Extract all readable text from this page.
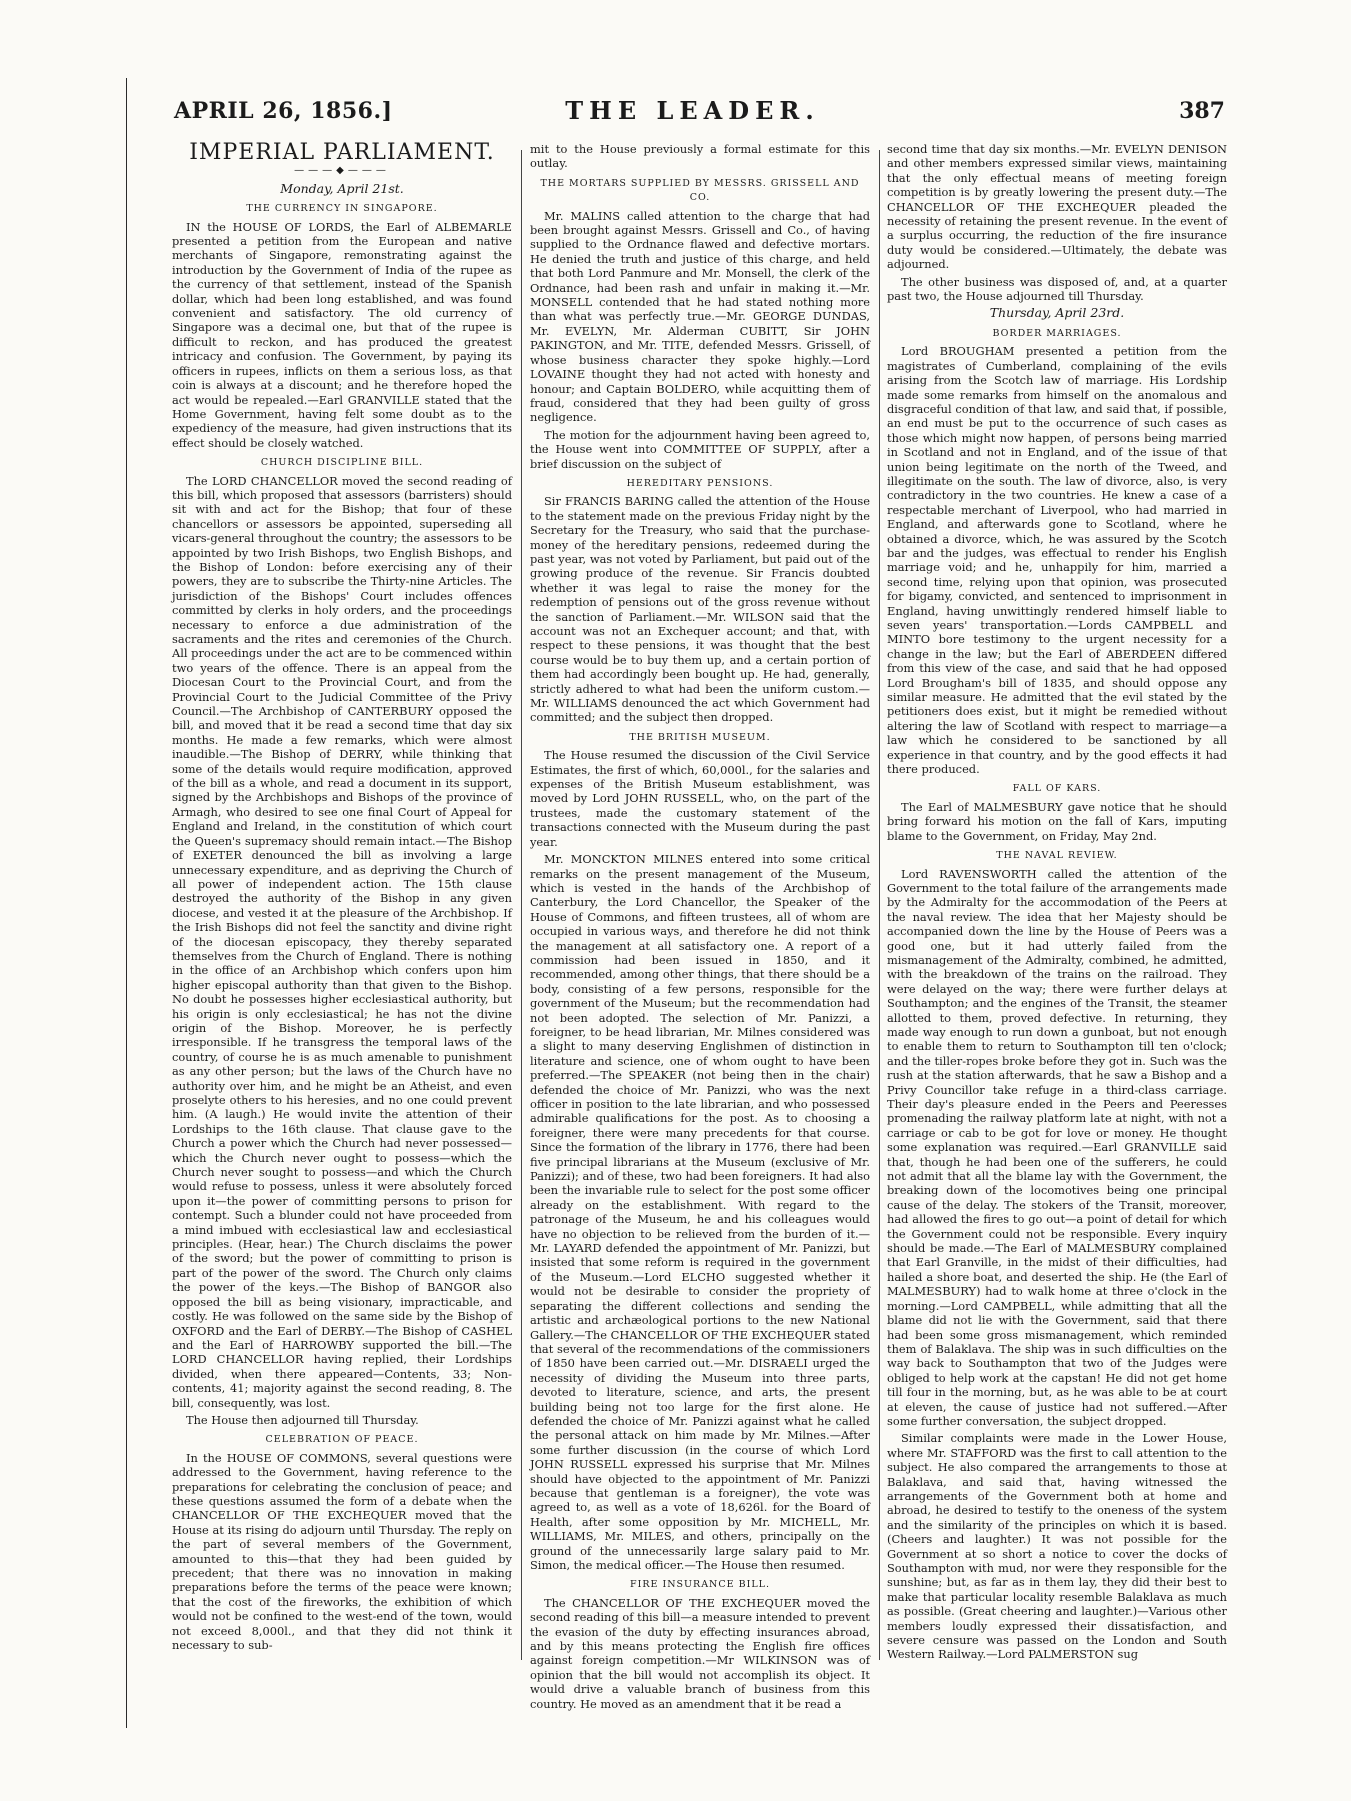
APRIL 26, 1856.]	THE LEADER.	387
IMPERIAL PARLIAMENT.
———◆———
Monday, April 21st.
THE CURRENCY IN SINGAPORE.

IN the HOUSE OF LORDS, the Earl of ALBEMARLE presented a petition from the European and native merchants of Singapore, remonstrating against the introduction by the Government of India of the rupee as the currency of that settlement, instead of the Spanish dollar, which had been long established, and was found convenient and satisfactory. The old currency of Singapore was a decimal one, but that of the rupee is difficult to reckon, and has produced the greatest intricacy and confusion. The Government, by paying its officers in rupees, inflicts on them a serious loss, as that coin is always at a discount; and he therefore hoped the act would be repealed.—Earl GRANVILLE stated that the Home Government, having felt some doubt as to the expediency of the measure, had given instructions that its effect should be closely watched.

CHURCH DISCIPLINE BILL.

The LORD CHANCELLOR moved the second reading of this bill, which proposed that assessors (barristers) should sit with and act for the Bishop; that four of these chancellors or assessors be appointed, superseding all vicars-general throughout the country; the assessors to be appointed by two Irish Bishops, two English Bishops, and the Bishop of London: before exercising any of their powers, they are to subscribe the Thirty-nine Articles. The jurisdiction of the Bishops' Court includes offences committed by clerks in holy orders, and the proceedings necessary to enforce a due administration of the sacraments and the rites and ceremonies of the Church. All proceedings under the act are to be commenced within two years of the offence. There is an appeal from the Diocesan Court to the Provincial Court, and from the Provincial Court to the Judicial Committee of the Privy Council.—The Archbishop of CANTERBURY opposed the bill, and moved that it be read a second time that day six months. He made a few remarks, which were almost inaudible.—The Bishop of DERRY, while thinking that some of the details would require modification, approved of the bill as a whole, and read a document in its support, signed by the Archbishops and Bishops of the province of Armagh, who desired to see one final Court of Appeal for England and Ireland, in the constitution of which court the Queen's supremacy should remain intact.—The Bishop of EXETER denounced the bill as involving a large unnecessary expenditure, and as depriving the Church of all power of independent action. The 15th clause destroyed the authority of the Bishop in any given diocese, and vested it at the pleasure of the Archbishop. If the Irish Bishops did not feel the sanctity and divine right of the diocesan episcopacy, they thereby separated themselves from the Church of England. There is nothing in the office of an Archbishop which confers upon him higher episcopal authority than that given to the Bishop. No doubt he possesses higher ecclesiastical authority, but his origin is only ecclesiastical; he has not the divine origin of the Bishop. Moreover, he is perfectly irresponsible. If he transgress the temporal laws of the country, of course he is as much amenable to punishment as any other person; but the laws of the Church have no authority over him, and he might be an Atheist, and even proselyte others to his heresies, and no one could prevent him. (A laugh.) He would invite the attention of their Lordships to the 16th clause. That clause gave to the Church a power which the Church had never possessed—which the Church never ought to possess—which the Church never sought to possess—and which the Church would refuse to possess, unless it were absolutely forced upon it—the power of committing persons to prison for contempt. Such a blunder could not have proceeded from a mind imbued with ecclesiastical law and ecclesiastical principles. (Hear, hear.) The Church disclaims the power of the sword; but the power of committing to prison is part of the power of the sword. The Church only claims the power of the keys.—The Bishop of BANGOR also opposed the bill as being visionary, impracticable, and costly. He was followed on the same side by the Bishop of OXFORD and the Earl of DERBY.—The Bishop of CASHEL and the Earl of HARROWBY supported the bill.—The LORD CHANCELLOR having replied, their Lordships divided, when there appeared—Contents, 33; Non-contents, 41; majority against the second reading, 8. The bill, consequently, was lost.

The House then adjourned till Thursday.

CELEBRATION OF PEACE.

In the HOUSE OF COMMONS, several questions were addressed to the Government, having reference to the preparations for celebrating the conclusion of peace; and these questions assumed the form of a debate when the CHANCELLOR OF THE EXCHEQUER moved that the House at its rising do adjourn until Thursday. The reply on the part of several members of the Government, amounted to this—that they had been guided by precedent; that there was no innovation in making preparations before the terms of the peace were known; that the cost of the fireworks, the exhibition of which would not be confined to the west-end of the town, would not exceed 8,000l., and that they did not think it necessary to sub-

mit to the House previously a formal estimate for this outlay.

THE MORTARS SUPPLIED BY MESSRS. GRISSELL AND CO.

Mr. MALINS called attention to the charge that had been brought against Messrs. Grissell and Co., of having supplied to the Ordnance flawed and defective mortars. He denied the truth and justice of this charge, and held that both Lord Panmure and Mr. Monsell, the clerk of the Ordnance, had been rash and unfair in making it.—Mr. MONSELL contended that he had stated nothing more than what was perfectly true.—Mr. GEORGE DUNDAS, Mr. EVELYN, Mr. Alderman CUBITT, Sir JOHN PAKINGTON, and Mr. TITE, defended Messrs. Grissell, of whose business character they spoke highly.—Lord LOVAINE thought they had not acted with honesty and honour; and Captain BOLDERO, while acquitting them of fraud, considered that they had been guilty of gross negligence.

The motion for the adjournment having been agreed to, the House went into COMMITTEE OF SUPPLY, after a brief discussion on the subject of

HEREDITARY PENSIONS.

Sir FRANCIS BARING called the attention of the House to the statement made on the previous Friday night by the Secretary for the Treasury, who said that the purchase-money of the hereditary pensions, redeemed during the past year, was not voted by Parliament, but paid out of the growing produce of the revenue. Sir Francis doubted whether it was legal to raise the money for the redemption of pensions out of the gross revenue without the sanction of Parliament.—Mr. WILSON said that the account was not an Exchequer account; and that, with respect to these pensions, it was thought that the best course would be to buy them up, and a certain portion of them had accordingly been bought up. He had, generally, strictly adhered to what had been the uniform custom.—Mr. WILLIAMS denounced the act which Government had committed; and the subject then dropped.

THE BRITISH MUSEUM.

The House resumed the discussion of the Civil Service Estimates, the first of which, 60,000l., for the salaries and expenses of the British Museum establishment, was moved by Lord JOHN RUSSELL, who, on the part of the trustees, made the customary statement of the transactions connected with the Museum during the past year.

Mr. MONCKTON MILNES entered into some critical remarks on the present management of the Museum, which is vested in the hands of the Archbishop of Canterbury, the Lord Chancellor, the Speaker of the House of Commons, and fifteen trustees, all of whom are occupied in various ways, and therefore he did not think the management at all satisfactory one. A report of a commission had been issued in 1850, and it recommended, among other things, that there should be a body, consisting of a few persons, responsible for the government of the Museum; but the recommendation had not been adopted. The selection of Mr. Panizzi, a foreigner, to be head librarian, Mr. Milnes considered was a slight to many deserving Englishmen of distinction in literature and science, one of whom ought to have been preferred.—The SPEAKER (not being then in the chair) defended the choice of Mr. Panizzi, who was the next officer in position to the late librarian, and who possessed admirable qualifications for the post. As to choosing a foreigner, there were many precedents for that course. Since the formation of the library in 1776, there had been five principal librarians at the Museum (exclusive of Mr. Panizzi); and of these, two had been foreigners. It had also been the invariable rule to select for the post some officer already on the establishment. With regard to the patronage of the Museum, he and his colleagues would have no objection to be relieved from the burden of it.—Mr. LAYARD defended the appointment of Mr. Panizzi, but insisted that some reform is required in the government of the Museum.—Lord ELCHO suggested whether it would not be desirable to consider the propriety of separating the different collections and sending the artistic and archæological portions to the new National Gallery.—The CHANCELLOR OF THE EXCHEQUER stated that several of the recommendations of the commissioners of 1850 have been carried out.—Mr. DISRAELI urged the necessity of dividing the Museum into three parts, devoted to literature, science, and arts, the present building being not too large for the first alone. He defended the choice of Mr. Panizzi against what he called the personal attack on him made by Mr. Milnes.—After some further discussion (in the course of which Lord JOHN RUSSELL expressed his surprise that Mr. Milnes should have objected to the appointment of Mr. Panizzi because that gentleman is a foreigner), the vote was agreed to, as well as a vote of 18,626l. for the Board of Health, after some opposition by Mr. MICHELL, Mr. WILLIAMS, Mr. MILES, and others, principally on the ground of the unnecessarily large salary paid to Mr. Simon, the medical officer.—The House then resumed.

FIRE INSURANCE BILL.

The CHANCELLOR OF THE EXCHEQUER moved the second reading of this bill—a measure intended to prevent the evasion of the duty by effecting insurances abroad, and by this means protecting the English fire offices against foreign competition.—Mr WILKINSON was of opinion that the bill would not accomplish its object. It would drive a valuable branch of business from this country. He moved as an amendment that it be read a

second time that day six months.—Mr. EVELYN DENISON and other members expressed similar views, maintaining that the only effectual means of meeting foreign competition is by greatly lowering the present duty.—The CHANCELLOR OF THE EXCHEQUER pleaded the necessity of retaining the present revenue. In the event of a surplus occurring, the reduction of the fire insurance duty would be considered.—Ultimately, the debate was adjourned.

The other business was disposed of, and, at a quarter past two, the House adjourned till Thursday.

Thursday, April 23rd.
BORDER MARRIAGES.

Lord BROUGHAM presented a petition from the magistrates of Cumberland, complaining of the evils arising from the Scotch law of marriage. His Lordship made some remarks from himself on the anomalous and disgraceful condition of that law, and said that, if possible, an end must be put to the occurrence of such cases as those which might now happen, of persons being married in Scotland and not in England, and of the issue of that union being legitimate on the north of the Tweed, and illegitimate on the south. The law of divorce, also, is very contradictory in the two countries. He knew a case of a respectable merchant of Liverpool, who had married in England, and afterwards gone to Scotland, where he obtained a divorce, which, he was assured by the Scotch bar and the judges, was effectual to render his English marriage void; and he, unhappily for him, married a second time, relying upon that opinion, was prosecuted for bigamy, convicted, and sentenced to imprisonment in England, having unwittingly rendered himself liable to seven years' transportation.—Lords CAMPBELL and MINTO bore testimony to the urgent necessity for a change in the law; but the Earl of ABERDEEN differed from this view of the case, and said that he had opposed Lord Brougham's bill of 1835, and should oppose any similar measure. He admitted that the evil stated by the petitioners does exist, but it might be remedied without altering the law of Scotland with respect to marriage—a law which he considered to be sanctioned by all experience in that country, and by the good effects it had there produced.

FALL OF KARS.

The Earl of MALMESBURY gave notice that he should bring forward his motion on the fall of Kars, imputing blame to the Government, on Friday, May 2nd.

THE NAVAL REVIEW.

Lord RAVENSWORTH called the attention of the Government to the total failure of the arrangements made by the Admiralty for the accommodation of the Peers at the naval review. The idea that her Majesty should be accompanied down the line by the House of Peers was a good one, but it had utterly failed from the mismanagement of the Admiralty, combined, he admitted, with the breakdown of the trains on the railroad. They were delayed on the way; there were further delays at Southampton; and the engines of the Transit, the steamer allotted to them, proved defective. In returning, they made way enough to run down a gunboat, but not enough to enable them to return to Southampton till ten o'clock; and the tiller-ropes broke before they got in. Such was the rush at the station afterwards, that he saw a Bishop and a Privy Councillor take refuge in a third-class carriage. Their day's pleasure ended in the Peers and Peeresses promenading the railway platform late at night, with not a carriage or cab to be got for love or money. He thought some explanation was required.—Earl GRANVILLE said that, though he had been one of the sufferers, he could not admit that all the blame lay with the Government, the breaking down of the locomotives being one principal cause of the delay. The stokers of the Transit, moreover, had allowed the fires to go out—a point of detail for which the Government could not be responsible. Every inquiry should be made.—The Earl of MALMESBURY complained that Earl Granville, in the midst of their difficulties, had hailed a shore boat, and deserted the ship. He (the Earl of MALMESBURY) had to walk home at three o'clock in the morning.—Lord CAMPBELL, while admitting that all the blame did not lie with the Government, said that there had been some gross mismanagement, which reminded them of Balaklava. The ship was in such difficulties on the way back to Southampton that two of the Judges were obliged to help work at the capstan! He did not get home till four in the morning, but, as he was able to be at court at eleven, the cause of justice had not suffered.—After some further conversation, the subject dropped.

Similar complaints were made in the Lower House, where Mr. STAFFORD was the first to call attention to the subject. He also compared the arrangements to those at Balaklava, and said that, having witnessed the arrangements of the Government both at home and abroad, he desired to testify to the oneness of the system and the similarity of the principles on which it is based. (Cheers and laughter.) It was not possible for the Government at so short a notice to cover the docks of Southampton with mud, nor were they responsible for the sunshine; but, as far as in them lay, they did their best to make that particular locality resemble Balaklava as much as possible. (Great cheering and laughter.)—Various other members loudly expressed their dissatisfaction, and severe censure was passed on the London and South Western Railway.—Lord PALMERSTON sug
